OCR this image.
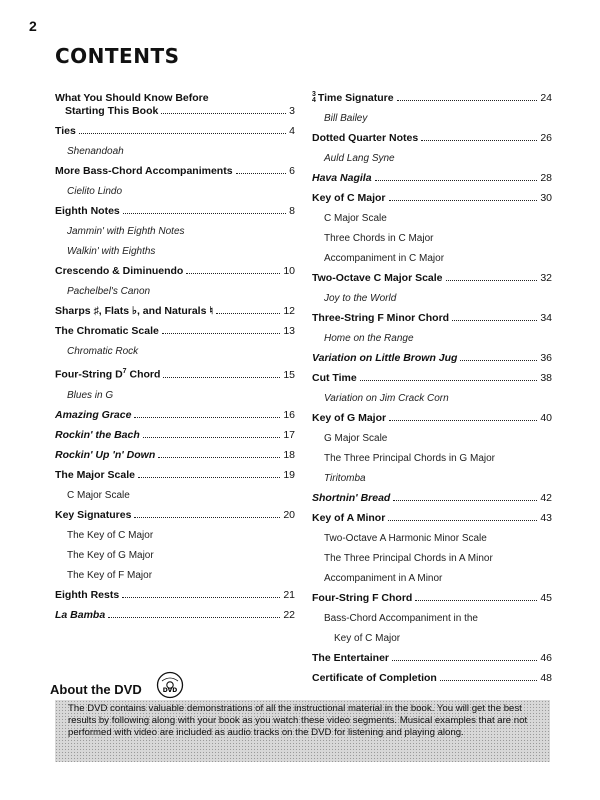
2
CONTENTS
What You Should Know Before
Starting This Book	3
Ties	4
Shenandoah
More Bass-Chord Accompaniments	6
Cielito Lindo
Eighth Notes	8
Jammin' with Eighth Notes
Walkin' with Eighths
Crescendo & Diminuendo	10
Pachelbel's Canon
Sharps ♯, Flats ♭, and Naturals ♮	12
The Chromatic Scale	13
Chromatic Rock
Four-String $D^7$ Chord	15
Blues in G
Amazing Grace	16
Rockin' the Bach	17
Rockin' Up 'n' Down	18
The Major Scale	19
C Major Scale
Key Signatures	20
The Key of C Major
The Key of G Major
The Key of F Major
Eighth Rests	21
La Bamba	22
3
4 Time Signature	24
Bill Bailey
Dotted Quarter Notes	26
Auld Lang Syne
Hava Nagila	28
Key of C Major	30
C Major Scale
Three Chords in C Major
Accompaniment in C Major
Two-Octave C Major Scale	32
Joy to the World
Three-String F Minor Chord	34
Home on the Range
Variation on Little Brown Jug	36
Cut Time	38
Variation on Jim Crack Corn
Key of G Major	40
G Major Scale
The Three Principal Chords in G Major
Tiritomba
Shortnin' Bread	42
Key of A Minor	43
Two-Octave A Harmonic Minor Scale
The Three Principal Chords in A Minor
Accompaniment in A Minor
Four-String F Chord	45
Bass-Chord Accompaniment in the
Key of C Major
The Entertainer	46
Certificate of Completion	48
About the DVD	DVD
The DVD contains valuable demonstrations of all the instructional material in the book. You will get the best results by following along with your book as you watch these video segments. Musical examples that are not performed with video are included as audio tracks on the DVD for listening and playing along.
